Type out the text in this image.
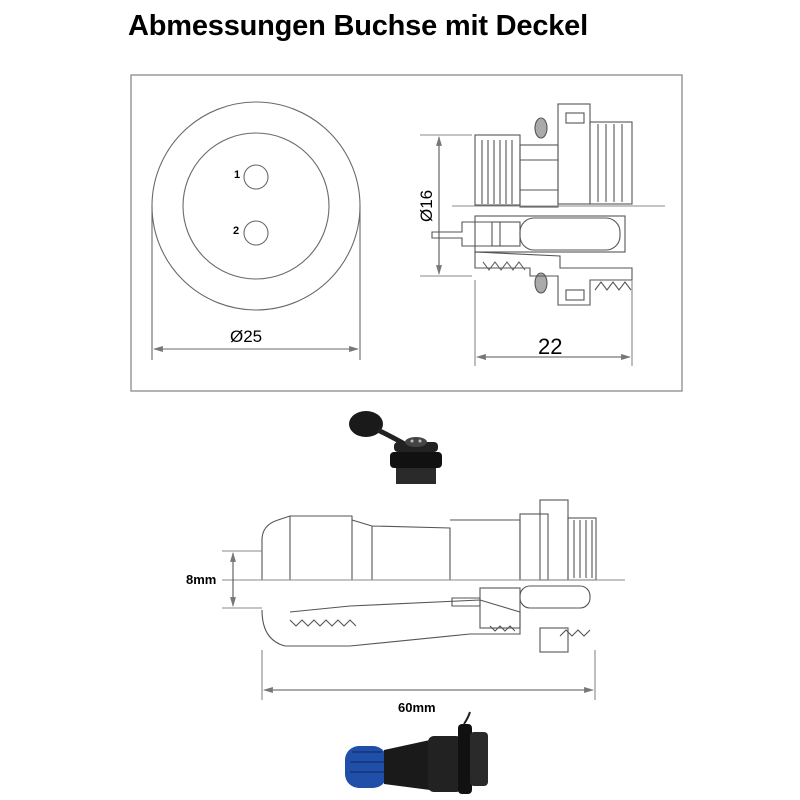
Abmessungen Buchse mit Deckel
1
2
Ø25
Ø16
22
8mm
60mm
